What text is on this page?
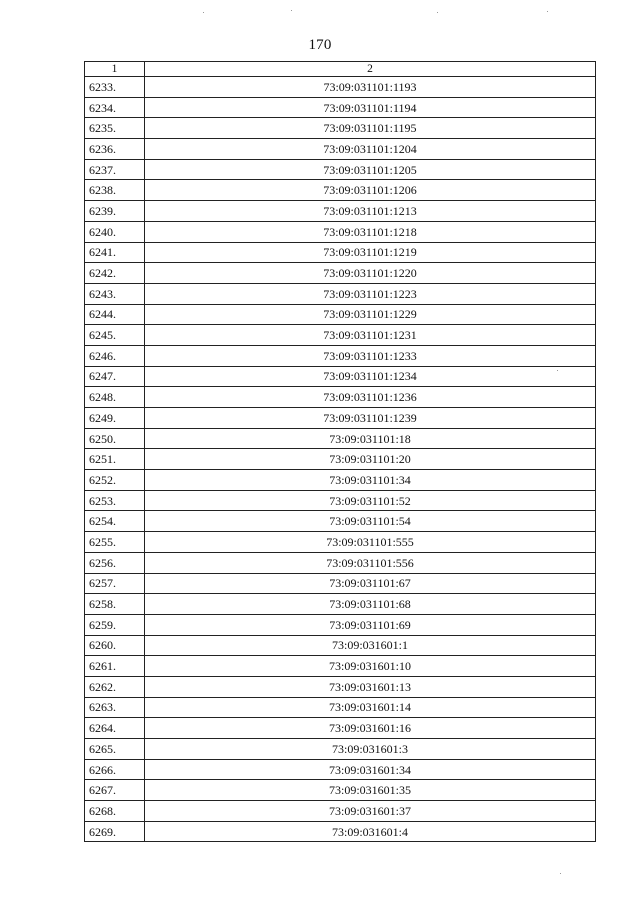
170
1	2
6233.	73:09:031101:1193
6234.	73:09:031101:1194
6235.	73:09:031101:1195
6236.	73:09:031101:1204
6237.	73:09:031101:1205
6238.	73:09:031101:1206
6239.	73:09:031101:1213
6240.	73:09:031101:1218
6241.	73:09:031101:1219
6242.	73:09:031101:1220
6243.	73:09:031101:1223
6244.	73:09:031101:1229
6245.	73:09:031101:1231
6246.	73:09:031101:1233
6247.	73:09:031101:1234
6248.	73:09:031101:1236
6249.	73:09:031101:1239
6250.	73:09:031101:18
6251.	73:09:031101:20
6252.	73:09:031101:34
6253.	73:09:031101:52
6254.	73:09:031101:54
6255.	73:09:031101:555
6256.	73:09:031101:556
6257.	73:09:031101:67
6258.	73:09:031101:68
6259.	73:09:031101:69
6260.	73:09:031601:1
6261.	73:09:031601:10
6262.	73:09:031601:13
6263.	73:09:031601:14
6264.	73:09:031601:16
6265.	73:09:031601:3
6266.	73:09:031601:34
6267.	73:09:031601:35
6268.	73:09:031601:37
6269.	73:09:031601:4
